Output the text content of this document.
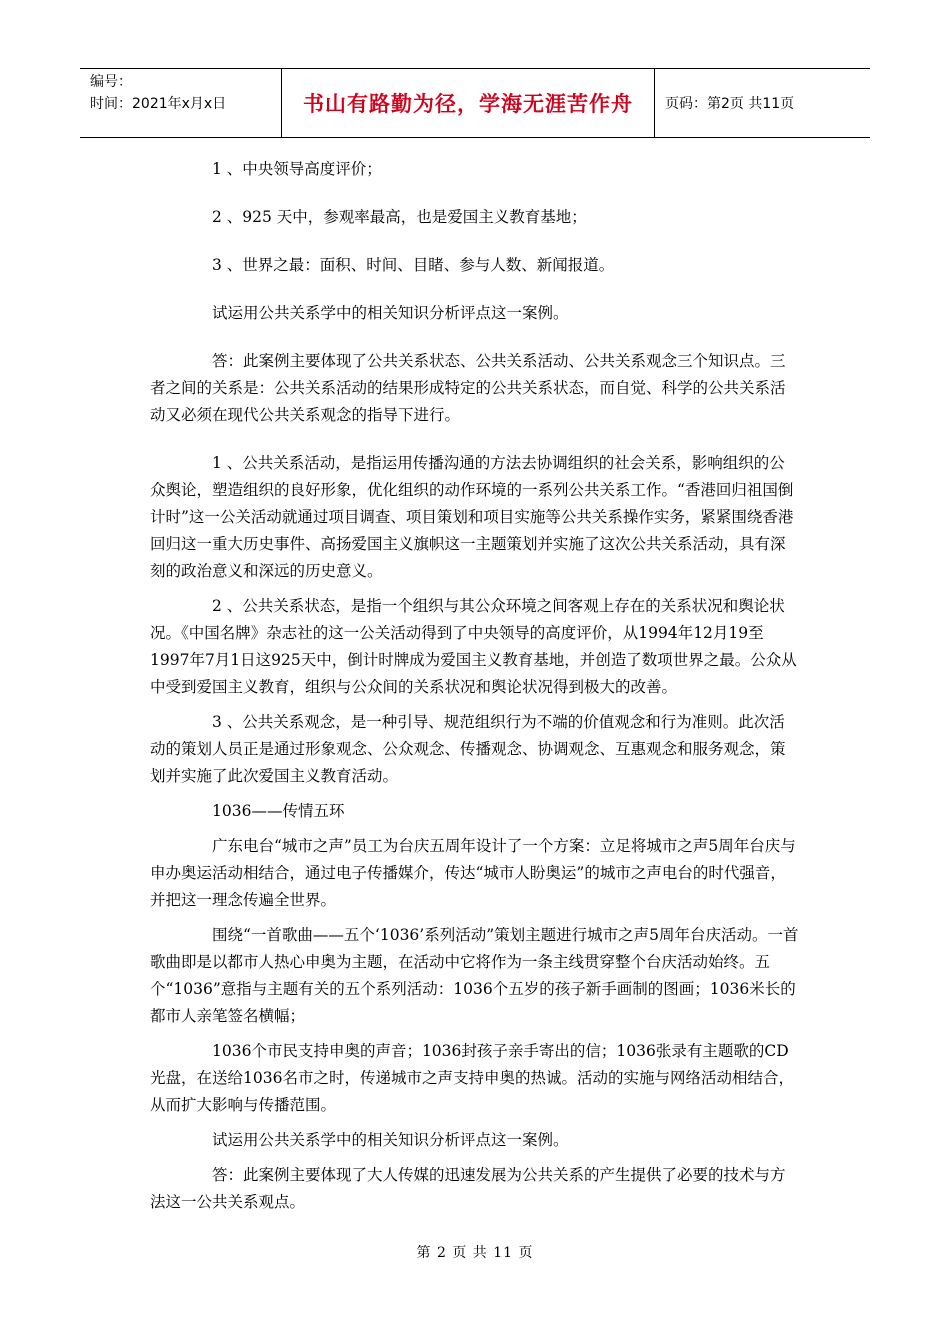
编号：
时间：2021年x月x日	书山有路勤为径，学海无涯苦作舟	页码：第2页 共11页

1 、中央领导高度评价；

2 、925 天中，参观率最高，也是爱国主义教育基地；

3 、世界之最：面积、时间、目睹、参与人数、新闻报道。

试运用公共关系学中的相关知识分析评点这一案例。

答：此案例主要体现了公共关系状态、公共关系活动、公共关系观念三个知识点。三者之间的关系是：公共关系活动的结果形成特定的公共关系状态，而自觉、科学的公共关系活动又必须在现代公共关系观念的指导下进行。

1 、公共关系活动，是指运用传播沟通的方法去协调组织的社会关系，影响组织的公众舆论，塑造组织的良好形象，优化组织的动作环境的一系列公共关系工作。“香港回归祖国倒计时”这一公关活动就通过项目调查、项目策划和项目实施等公共关系操作实务，紧紧围绕香港回归这一重大历史事件、高扬爱国主义旗帜这一主题策划并实施了这次公共关系活动，具有深刻的政治意义和深远的历史意义。

2 、公共关系状态，是指一个组织与其公众环境之间客观上存在的关系状况和舆论状况。《中国名牌》杂志社的这一公关活动得到了中央领导的高度评价，从1994年12月19至1997年7月1日这925天中，倒计时牌成为爱国主义教育基地，并创造了数项世界之最。公众从中受到爱国主义教育，组织与公众间的关系状况和舆论状况得到极大的改善。

3 、公共关系观念，是一种引导、规范组织行为不端的价值观念和行为准则。此次活动的策划人员正是通过形象观念、公众观念、传播观念、协调观念、互惠观念和服务观念，策划并实施了此次爱国主义教育活动。

1036——传情五环

广东电台“城市之声”员工为台庆五周年设计了一个方案：立足将城市之声5周年台庆与申办奥运活动相结合，通过电子传播媒介，传达“城市人盼奥运”的城市之声电台的时代强音，并把这一理念传遍全世界。

围绕“一首歌曲——五个‘1036’系列活动”策划主题进行城市之声5周年台庆活动。一首歌曲即是以都市人热心申奥为主题，在活动中它将作为一条主线贯穿整个台庆活动始终。五个“1036”意指与主题有关的五个系列活动：1036个五岁的孩子新手画制的图画；1036米长的都市人亲笔签名横幅；

1036个市民支持申奥的声音；1036封孩子亲手寄出的信；1036张录有主题歌的CD光盘，在送给1036名市之时，传递城市之声支持申奥的热诚。活动的实施与网络活动相结合，从而扩大影响与传播范围。

试运用公共关系学中的相关知识分析评点这一案例。

答：此案例主要体现了大人传媒的迅速发展为公共关系的产生提供了必要的技术与方法这一公共关系观点。

第 2 页 共 11 页
